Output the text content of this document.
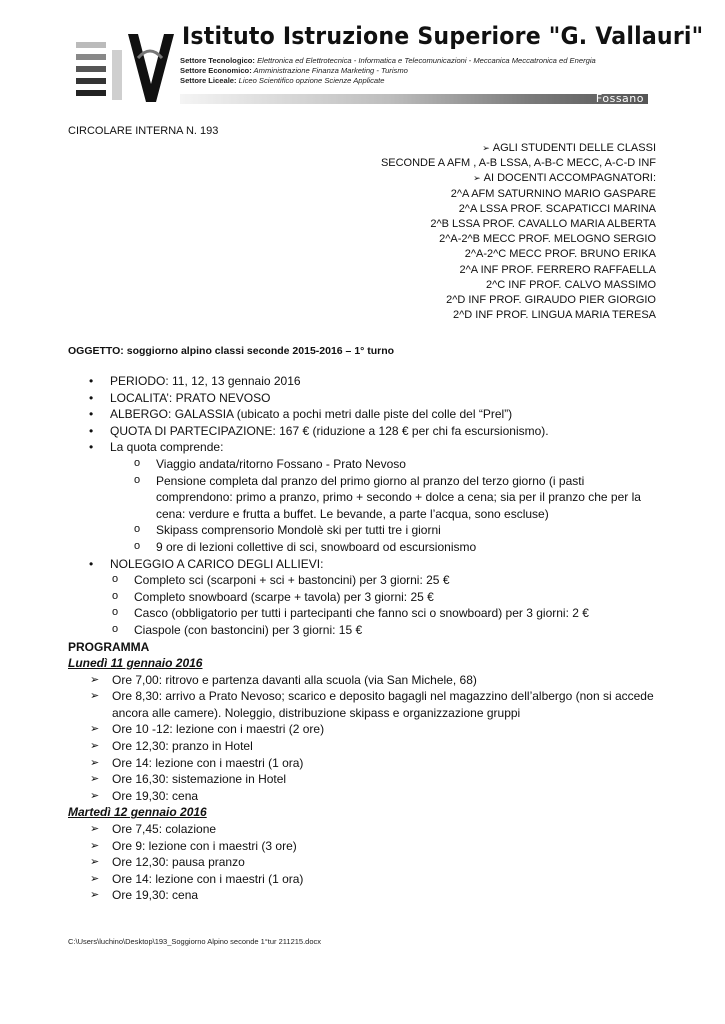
Istituto Istruzione Superiore "G. Vallauri"
Settore Tecnologico: Elettronica ed Elettrotecnica - Informatica e Telecomunicazioni - Meccanica Meccatronica ed Energia
Settore Economico: Amministrazione Finanza Marketing - Turismo
Settore Liceale: Liceo Scientifico opzione Scienze Applicate
Fossano
CIRCOLARE INTERNA N. 193
➢ AGLI STUDENTI DELLE CLASSI
SECONDE A AFM , A-B LSSA, A-B-C MECC, A-C-D INF
➢ AI DOCENTI ACCOMPAGNATORI:
2^A AFM SATURNINO MARIO GASPARE
2^A LSSA PROF. SCAPATICCI MARINA
2^B LSSA PROF. CAVALLO MARIA ALBERTA
2^A-2^B MECC PROF. MELOGNO SERGIO
2^A-2^C MECC PROF. BRUNO ERIKA
2^A INF PROF. FERRERO RAFFAELLA
2^C INF PROF. CALVO MASSIMO
2^D INF PROF. GIRAUDO PIER GIORGIO
2^D INF PROF. LINGUA MARIA TERESA
OGGETTO: soggiorno alpino classi seconde 2015-2016 – 1° turno
• PERIODO: 11, 12, 13 gennaio 2016
• LOCALITA’: PRATO NEVOSO
• ALBERGO: GALASSIA (ubicato a pochi metri dalle piste del colle del “Prel”)
• QUOTA DI PARTECIPAZIONE: 167 € (riduzione a 128 € per chi fa escursionismo).
• La quota comprende:
o Viaggio andata/ritorno Fossano - Prato Nevoso
o Pensione completa dal pranzo del primo giorno al pranzo del terzo giorno (i pasti comprendono: primo a pranzo, primo + secondo + dolce a cena; sia per il pranzo che per la cena: verdure e frutta a buffet. Le bevande, a parte l’acqua, sono escluse)
o Skipass comprensorio Mondolè ski per tutti tre i giorni
o 9 ore di lezioni collettive di sci, snowboard od escursionismo
• NOLEGGIO A CARICO DEGLI ALLIEVI:
o Completo sci (scarponi + sci + bastoncini) per 3 giorni: 25 €
o Completo snowboard (scarpe + tavola) per 3 giorni: 25 €
o Casco (obbligatorio per tutti i partecipanti che fanno sci o snowboard) per 3 giorni: 2 €
o Ciaspole (con bastoncini) per 3 giorni: 15 €
PROGRAMMA
Lunedì 11 gennaio 2016
➢ Ore 7,00: ritrovo e partenza davanti alla scuola (via San Michele, 68)
➢ Ore 8,30: arrivo a Prato Nevoso; scarico e deposito bagagli nel magazzino dell’albergo (non si accede ancora alle camere). Noleggio, distribuzione skipass e organizzazione gruppi
➢ Ore 10 -12: lezione con i maestri (2 ore)
➢ Ore 12,30: pranzo in Hotel
➢ Ore 14: lezione con i maestri (1 ora)
➢ Ore 16,30: sistemazione in Hotel
➢ Ore 19,30: cena
Martedì 12 gennaio 2016
➢ Ore 7,45: colazione
➢ Ore 9: lezione con i maestri (3 ore)
➢ Ore 12,30: pausa pranzo
➢ Ore 14: lezione con i maestri (1 ora)
➢ Ore 19,30: cena
C:\Users\luchino\Desktop\193_Soggiorno Alpino seconde 1°tur 211215.docx
